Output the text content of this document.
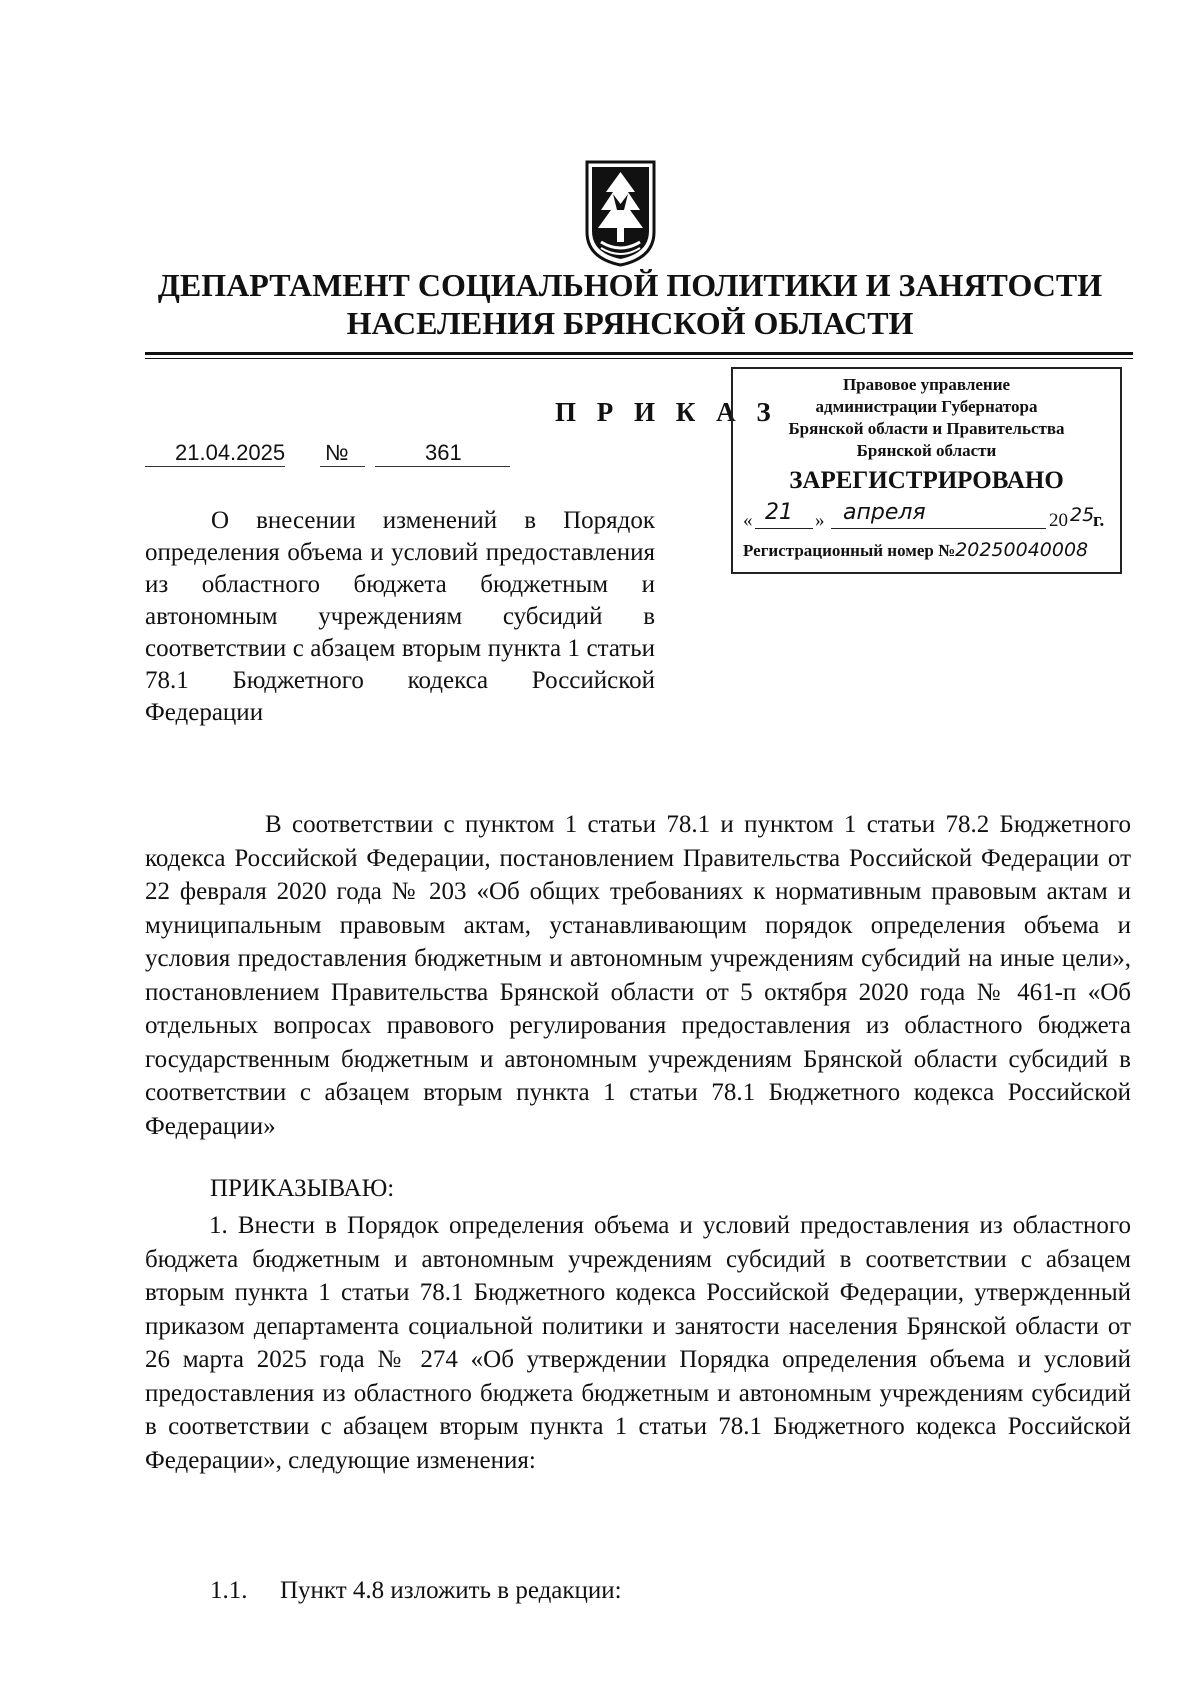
ДЕПАРТАМЕНТ СОЦИАЛЬНОЙ ПОЛИТИКИ И ЗАНЯТОСТИ
НАСЕЛЕНИЯ БРЯНСКОЙ ОБЛАСТИ
П Р И К А З
21.04.2025 №	361
Правовое управление
администрации Губернатора
Брянской области и Правительства
Брянской области
ЗАРЕГИСТРИРОВАНО
« 21 » апреля	20 25
г.
Регистрационный номер №20250040008
О внесении изменений в Порядок определения объема и условий предоставления из областного бюджета бюджетным и автономным учреждениям субсидий в соответствии с абзацем вторым пункта 1 статьи 78.1 Бюджетного кодекса Российской Федерации
В соответствии с пунктом 1 статьи 78.1 и пунктом 1 статьи 78.2 Бюджетного кодекса Российской Федерации, постановлением Правительства Российской Федерации от 22 февраля 2020 года № 203 «Об общих требованиях к нормативным правовым актам и муниципальным правовым актам, устанавливающим порядок определения объема и условия предоставления бюджетным и автономным учреждениям субсидий на иные цели», постановлением Правительства Брянской области от 5 октября 2020 года № 461-п «Об отдельных вопросах правового регулирования предоставления из областного бюджета государственным бюджетным и автономным учреждениям Брянской области субсидий в соответствии с абзацем вторым пункта 1 статьи 78.1 Бюджетного кодекса Российской Федерации»
ПРИКАЗЫВАЮ:
1. Внести в Порядок определения объема и условий предоставления из областного бюджета бюджетным и автономным учреждениям субсидий в соответствии с абзацем вторым пункта 1 статьи 78.1 Бюджетного кодекса Российской Федерации, утвержденный приказом департамента социальной политики и занятости населения Брянской области от 26 марта 2025 года № 274 «Об утверждении Порядка определения объема и условий предоставления из областного бюджета бюджетным и автономным учреждениям субсидий в соответствии с абзацем вторым пункта 1 статьи 78.1 Бюджетного кодекса Российской Федерации», следующие изменения:
1.1. Пункт 4.8 изложить в редакции:
